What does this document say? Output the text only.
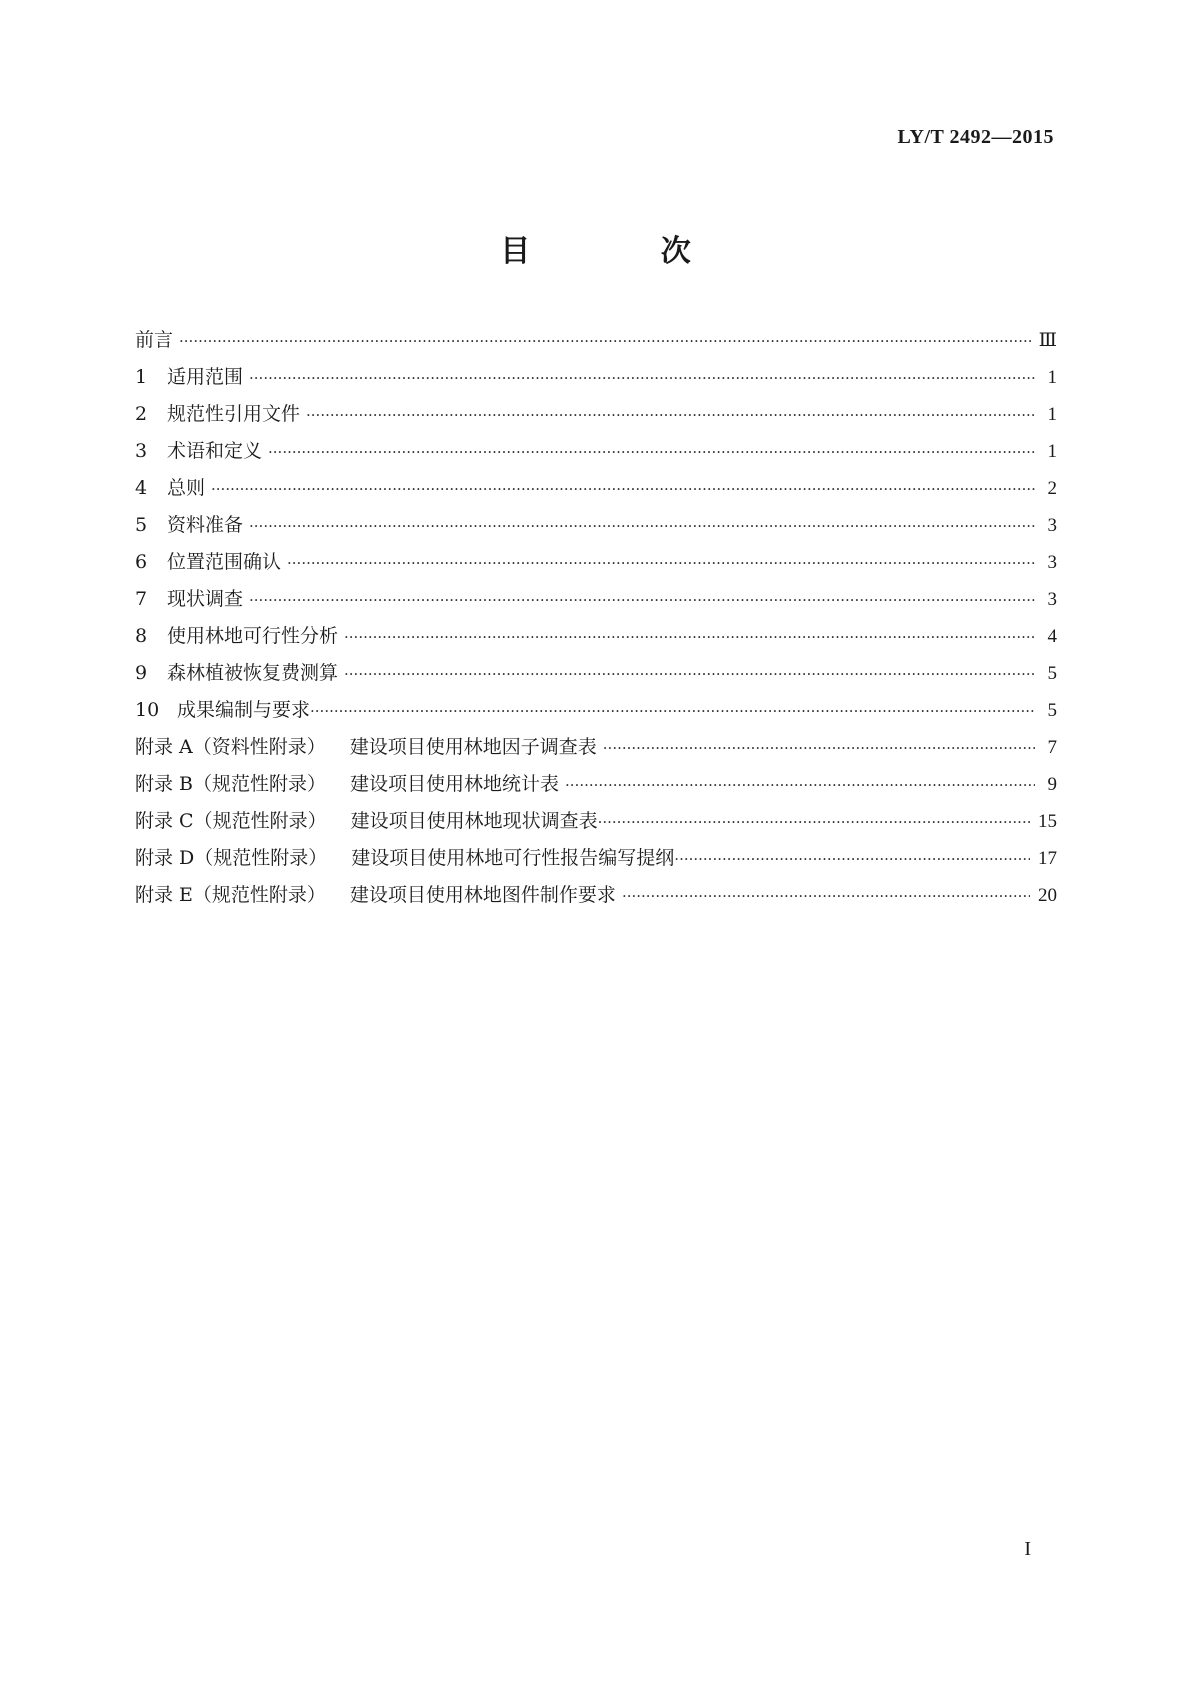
LY/T 2492—2015
目 次
前言 ·····	Ⅲ
1	适用范围 ·····	1
2	规范性引用文件 ·····	1
3	术语和定义 ·····	1
4	总则 ·····	2
5	资料准备 ·····	3
6	位置范围确认 ·····	3
7	现状调查 ·····	3
8	使用林地可行性分析 ·····	4
9	森林植被恢复费测算 ·····	5
10 成果编制与要求 ·····	5
附录 A（资料性附录）	建设项目使用林地因子调查表 ·····	7
附录 B（规范性附录）	建设项目使用林地统计表 ·····	9
附录 C（规范性附录）	建设项目使用林地现状调查表 ·····	15
附录 D（规范性附录）	建设项目使用林地可行性报告编写提纲 ·····	17
附录 E（规范性附录）	建设项目使用林地图件制作要求 ·····	20
I
